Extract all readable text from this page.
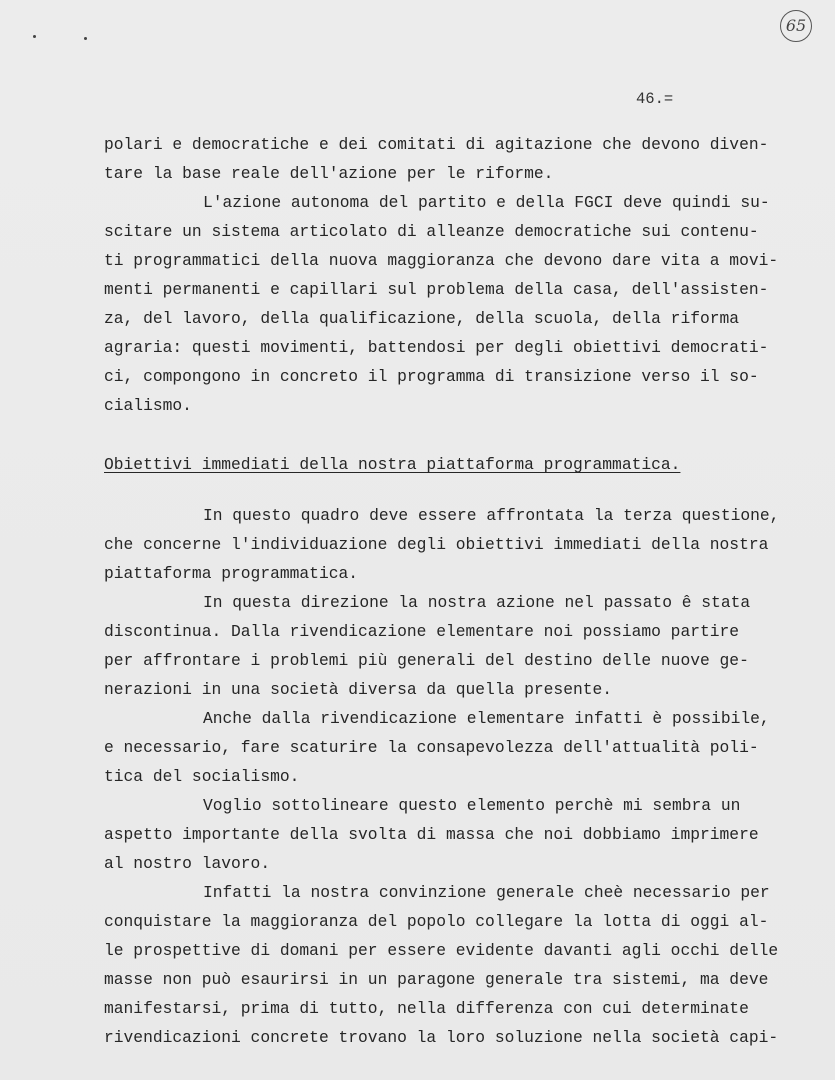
65
46.=
polari e democratiche e dei comitati di agitazione che devono diven-
tare la base reale dell'azione per le riforme.
L'azione autonoma del partito e della FGCI deve quindi su-
scitare un sistema articolato di alleanze democratiche sui contenu-
ti programmatici della nuova maggioranza che devono dare vita a movi-
menti permanenti e capillari sul problema della casa, dell'assisten-
za, del lavoro, della qualificazione, della scuola, della riforma
agraria: questi movimenti, battendosi per degli obiettivi democrati-
ci, compongono in concreto il programma di transizione verso il so-
cialismo.
Obiettivi immediati della nostra piattaforma programmatica.
In questo quadro deve essere affrontata la terza questione,
che concerne l'individuazione degli obiettivi immediati della nostra
piattaforma programmatica.
In questa direzione la nostra azione nel passato ê stata
discontinua. Dalla rivendicazione elementare noi possiamo partire
per affrontare i problemi più generali del destino delle nuove ge-
nerazioni in una società diversa da quella presente.
Anche dalla rivendicazione elementare infatti è possibile,
e necessario, fare scaturire la consapevolezza dell'attualità poli-
tica del socialismo.
Voglio sottolineare questo elemento perchè mi sembra un
aspetto importante della svolta di massa che noi dobbiamo imprimere
al nostro lavoro.
Infatti la nostra convinzione generale cheè necessario per
conquistare la maggioranza del popolo collegare la lotta di oggi al-
le prospettive di domani per essere evidente davanti agli occhi delle
masse non può esaurirsi in un paragone generale tra sistemi, ma deve
manifestarsi, prima di tutto, nella differenza con cui determinate
rivendicazioni concrete trovano la loro soluzione nella società capi-
